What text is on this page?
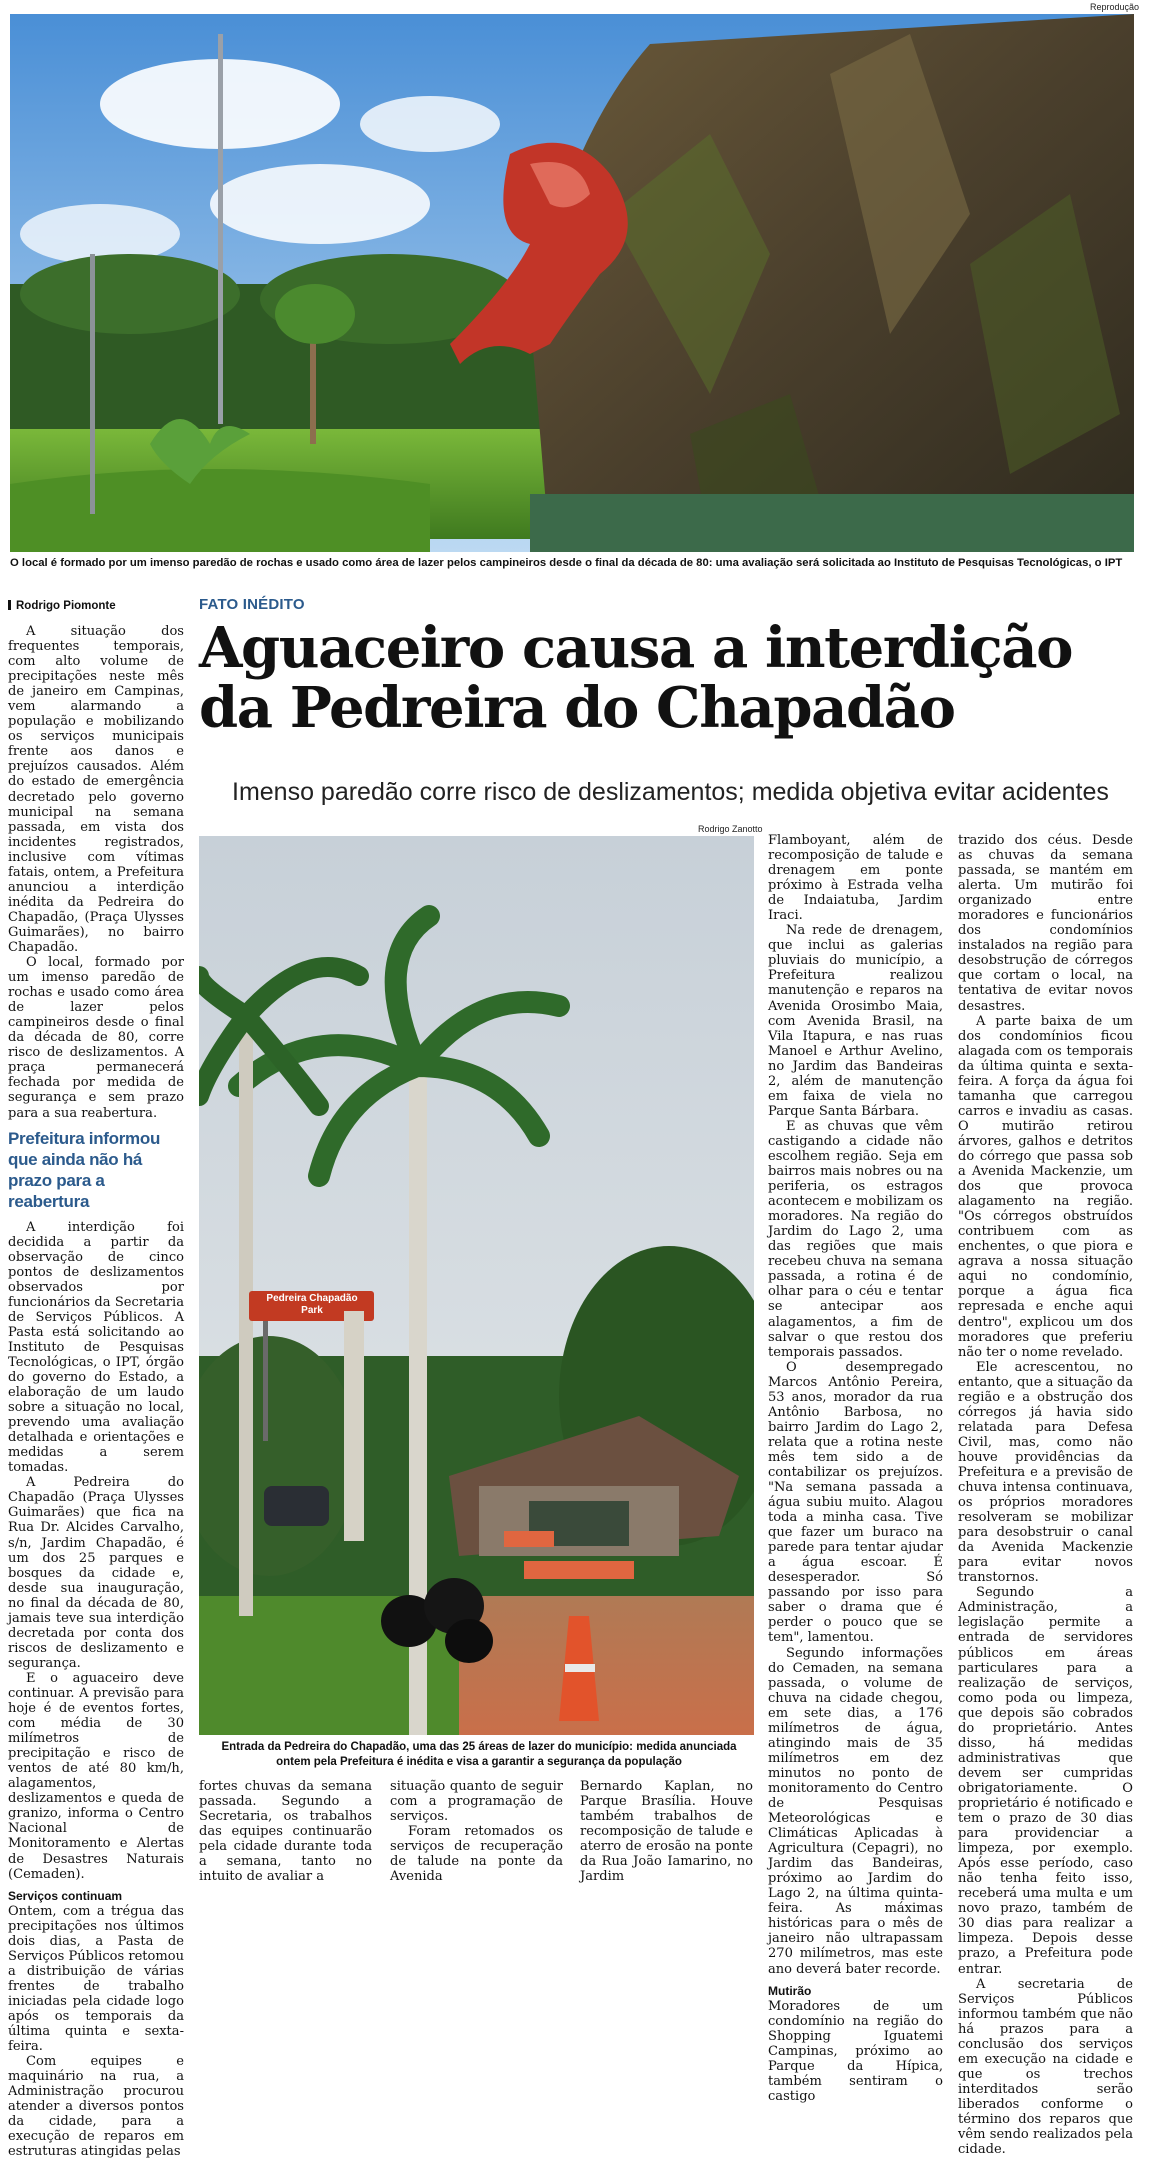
Reprodução
O local é formado por um imenso paredão de rochas e usado como área de lazer pelos campineiros desde o final da década de 80: uma avaliação será solicitada ao Instituto de Pesquisas Tecnológicas, o IPT
Rodrigo Piomonte	FATO INÉDITO
Aguaceiro causa a interdição da Pedreira do Chapadão
Imenso paredão corre risco de deslizamentos; medida objetiva evitar acidentes

A situação dos frequentes temporais, com alto volume de precipitações neste mês de janeiro em Campinas, vem alarmando a população e mobilizando os serviços municipais frente aos danos e prejuízos causados. Além do estado de emergência decretado pelo governo municipal na semana passada, em vista dos incidentes registrados, inclusive com vítimas fatais, ontem, a Prefeitura anunciou a interdição inédita da Pedreira do Chapadão, (Praça Ulysses Guimarães), no bairro Chapadão.

O local, formado por um imenso paredão de rochas e usado como área de lazer pelos campineiros desde o final da década de 80, corre risco de deslizamentos. A praça permanecerá fechada por medida de segurança e sem prazo para a sua reabertura.

Prefeitura informou que ainda não há prazo para a reabertura

A interdição foi decidida a partir da observação de cinco pontos de deslizamentos observados por funcionários da Secretaria de Serviços Públicos. A Pasta está solicitando ao Instituto de Pesquisas Tecnológicas, o IPT, órgão do governo do Estado, a elaboração de um laudo sobre a situação no local, prevendo uma avaliação detalhada e orientações e medidas a serem tomadas.

A Pedreira do Chapadão (Praça Ulysses Guimarães) que fica na Rua Dr. Alcides Carvalho, s/n, Jardim Chapadão, é um dos 25 parques e bosques da cidade e, desde sua inauguração, no final da década de 80, jamais teve sua interdição decretada por conta dos riscos de deslizamento e segurança.

E o aguaceiro deve continuar. A previsão para hoje é de eventos fortes, com média de 30 milímetros de precipitação e risco de ventos de até 80 km/h, alagamentos, deslizamentos e queda de granizo, informa o Centro Nacional de Monitoramento e Alertas de Desastres Naturais (Cemaden).

Serviços continuam

Ontem, com a trégua das precipitações nos últimos dois dias, a Pasta de Serviços Públicos retomou a distribuição de várias frentes de trabalho iniciadas pela cidade logo após os temporais da última quinta e sexta-feira.

Com equipes e maquinário na rua, a Administração procurou atender a diversos pontos da cidade, para a execução de reparos em estruturas atingidas pelas

Rodrigo Zanotto
Pedreira Chapadão
Park
Entrada da Pedreira do Chapadão, uma das 25 áreas de lazer do município: medida anunciada ontem pela Prefeitura é inédita e visa a garantir a segurança da população

fortes chuvas da semana passada. Segundo a Secretaria, os trabalhos das equipes continuarão pela cidade durante toda a semana, tanto no intuito de avaliar a

situação quanto de seguir com a programação de serviços.

Foram retomados os serviços de recuperação de talude na ponte da Avenida

Bernardo Kaplan, no Parque Brasília. Houve também trabalhos de recomposição de talude e aterro de erosão na ponte da Rua João Iamarino, no Jardim

Flamboyant, além de recomposição de talude e drenagem em ponte próximo à Estrada velha de Indaiatuba, Jardim Iraci.

Na rede de drenagem, que inclui as galerias pluviais do município, a Prefeitura realizou manutenção e reparos na Avenida Orosimbo Maia, com Avenida Brasil, na Vila Itapura, e nas ruas Manoel e Arthur Avelino, no Jardim das Bandeiras 2, além de manutenção em faixa de viela no Parque Santa Bárbara.

E as chuvas que vêm castigando a cidade não escolhem região. Seja em bairros mais nobres ou na periferia, os estragos acontecem e mobilizam os moradores. Na região do Jardim do Lago 2, uma das regiões que mais recebeu chuva na semana passada, a rotina é de olhar para o céu e tentar se antecipar aos alagamentos, a fim de salvar o que restou dos temporais passados.

O desempregado Marcos Antônio Pereira, 53 anos, morador da rua Antônio Barbosa, no bairro Jardim do Lago 2, relata que a rotina neste mês tem sido a de contabilizar os prejuízos. "Na semana passada a água subiu muito. Alagou toda a minha casa. Tive que fazer um buraco na parede para tentar ajudar a água escoar. É desesperador. Só passando por isso para saber o drama que é perder o pouco que se tem", lamentou.

Segundo informações do Cemaden, na semana passada, o volume de chuva na cidade chegou, em sete dias, a 176 milímetros de água, atingindo mais de 35 milímetros em dez minutos no ponto de monitoramento do Centro de Pesquisas Meteorológicas e Climáticas Aplicadas à Agricultura (Cepagri), no Jardim das Bandeiras, próximo ao Jardim do Lago 2, na última quinta-feira. As máximas históricas para o mês de janeiro não ultrapassam 270 milímetros, mas este ano deverá bater recorde.

Mutirão

Moradores de um condomínio na região do Shopping Iguatemi Campinas, próximo ao Parque da Hípica, também sentiram o castigo

trazido dos céus. Desde as chuvas da semana passada, se mantém em alerta. Um mutirão foi organizado entre moradores e funcionários dos condomínios instalados na região para desobstrução de córregos que cortam o local, na tentativa de evitar novos desastres.

A parte baixa de um dos condomínios ficou alagada com os temporais da última quinta e sexta-feira. A força da água foi tamanha que carregou carros e invadiu as casas. O mutirão retirou árvores, galhos e detritos do córrego que passa sob a Avenida Mackenzie, um dos que provoca alagamento na região. "Os córregos obstruídos contribuem com as enchentes, o que piora e agrava a nossa situação aqui no condomínio, porque a água fica represada e enche aqui dentro", explicou um dos moradores que preferiu não ter o nome revelado.

Ele acrescentou, no entanto, que a situação da região e a obstrução dos córregos já havia sido relatada para Defesa Civil, mas, como não houve providências da Prefeitura e a previsão de chuva intensa continuava, os próprios moradores resolveram se mobilizar para desobstruir o canal da Avenida Mackenzie para evitar novos transtornos.

Segundo a Administração, a legislação permite a entrada de servidores públicos em áreas particulares para a realização de serviços, como poda ou limpeza, que depois são cobrados do proprietário. Antes disso, há medidas administrativas que devem ser cumpridas obrigatoriamente. O proprietário é notificado e tem o prazo de 30 dias para providenciar a limpeza, por exemplo. Após esse período, caso não tenha feito isso, receberá uma multa e um novo prazo, também de 30 dias para realizar a limpeza. Depois desse prazo, a Prefeitura pode entrar.

A secretaria de Serviços Públicos informou também que não há prazos para a conclusão dos serviços em execução na cidade e que os trechos interditados serão liberados conforme o término dos reparos que vêm sendo realizados pela cidade.
